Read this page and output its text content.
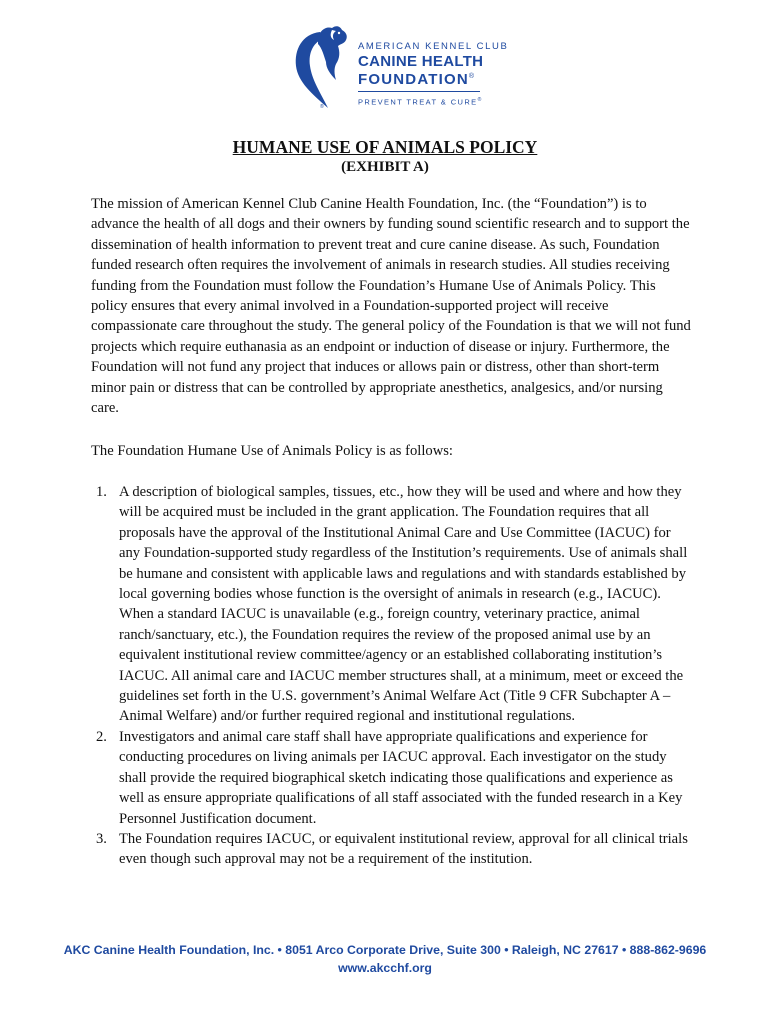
®
AMERICAN KENNEL CLUB
CANINE HEALTH
FOUNDATION®
PREVENT TREAT & CURE®
HUMANE USE OF ANIMALS POLICY
(EXHIBIT A)

The mission of American Kennel Club Canine Health Foundation, Inc. (the “Foundation”) is to advance the health of all dogs and their owners by funding sound scientific research and to support the dissemination of health information to prevent treat and cure canine disease. As such, Foundation funded research often requires the involvement of animals in research studies. All studies receiving funding from the Foundation must follow the Foundation’s Humane Use of Animals Policy. This policy ensures that every animal involved in a Foundation-supported project will receive compassionate care throughout the study. The general policy of the Foundation is that we will not fund projects which require euthanasia as an endpoint or induction of disease or injury. Furthermore, the Foundation will not fund any project that induces or allows pain or distress, other than short-term minor pain or distress that can be controlled by appropriate anesthetics, analgesics, and/or nursing care.

The Foundation Humane Use of Animals Policy is as follows:

1. A description of biological samples, tissues, etc., how they will be used and where and how they will be acquired must be included in the grant application. The Foundation requires that all proposals have the approval of the Institutional Animal Care and Use Committee (IACUC) for any Foundation-supported study regardless of the Institution’s requirements. Use of animals shall be humane and consistent with applicable laws and regulations and with standards established by local governing bodies whose function is the oversight of animals in research (e.g., IACUC). When a standard IACUC is unavailable (e.g., foreign country, veterinary practice, animal ranch/sanctuary, etc.), the Foundation requires the review of the proposed animal use by an equivalent institutional review committee/agency or an established collaborating institution’s IACUC. All animal care and IACUC member structures shall, at a minimum, meet or exceed the guidelines set forth in the U.S. government’s Animal Welfare Act (Title 9 CFR Subchapter A – Animal Welfare) and/or further required regional and institutional regulations.
2. Investigators and animal care staff shall have appropriate qualifications and experience for conducting procedures on living animals per IACUC approval. Each investigator on the study shall provide the required biographical sketch indicating those qualifications and experience as well as ensure appropriate qualifications of all staff associated with the funded research in a Key Personnel Justification document.
3. The Foundation requires IACUC, or equivalent institutional review, approval for all clinical trials even though such approval may not be a requirement of the institution.
AKC Canine Health Foundation, Inc. • 8051 Arco Corporate Drive, Suite 300 • Raleigh, NC 27617 • 888-862-9696
www.akcchf.org
